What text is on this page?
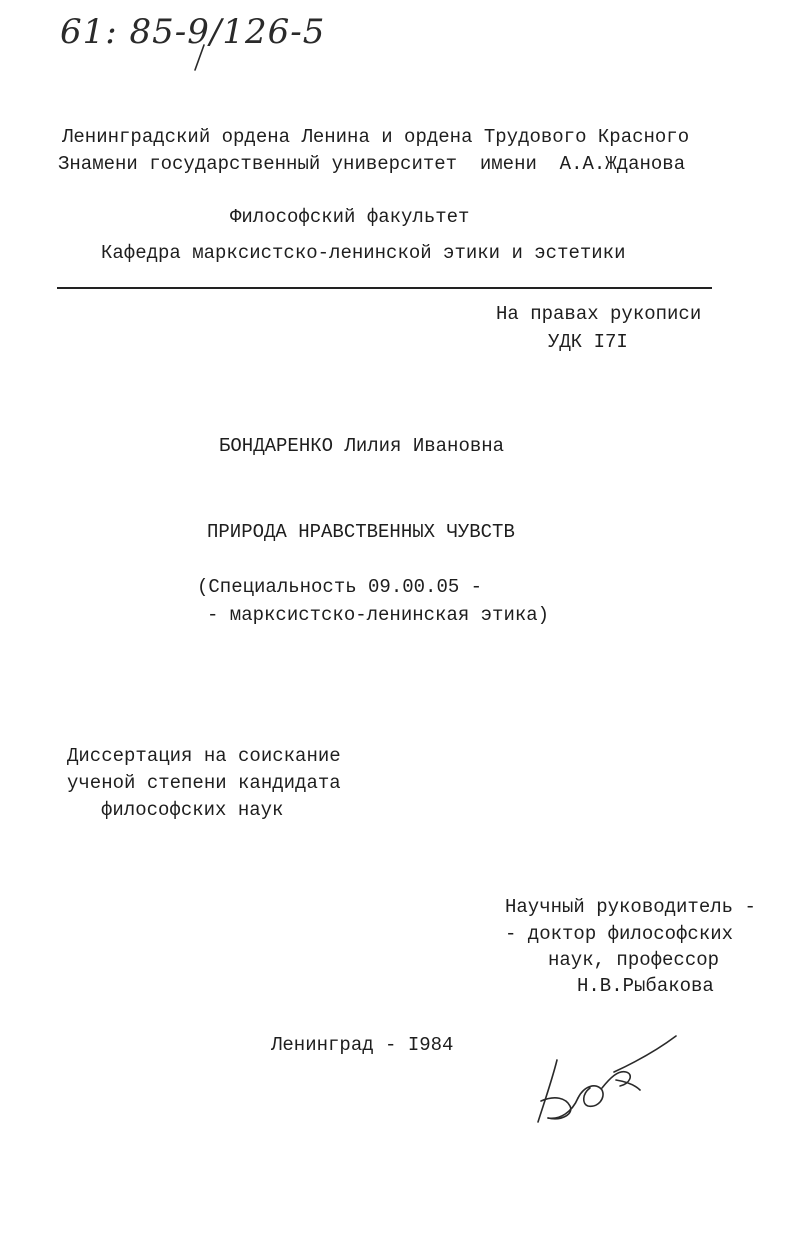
61: 85-9/126-5
Ленинградский ордена Ленина и ордена Трудового Красного
Знамени государственный университет  имени  А.А.Жданова
Философский факультет
Кафедра марксистско-ленинской этики и эстетики
На правах рукописи
УДК I7I
БОНДАРЕНКО Лилия Ивановна
ПРИРОДА НРАВСТВЕННЫХ ЧУВСТВ
(Специальность 09.00.05 -
- марксистско-ленинская этика)
Диссертация на соискание
ученой степени кандидата
философских наук
Научный руководитель -
- доктор философских
наук, профессор
Н.В.Рыбакова
Ленинград - I984
